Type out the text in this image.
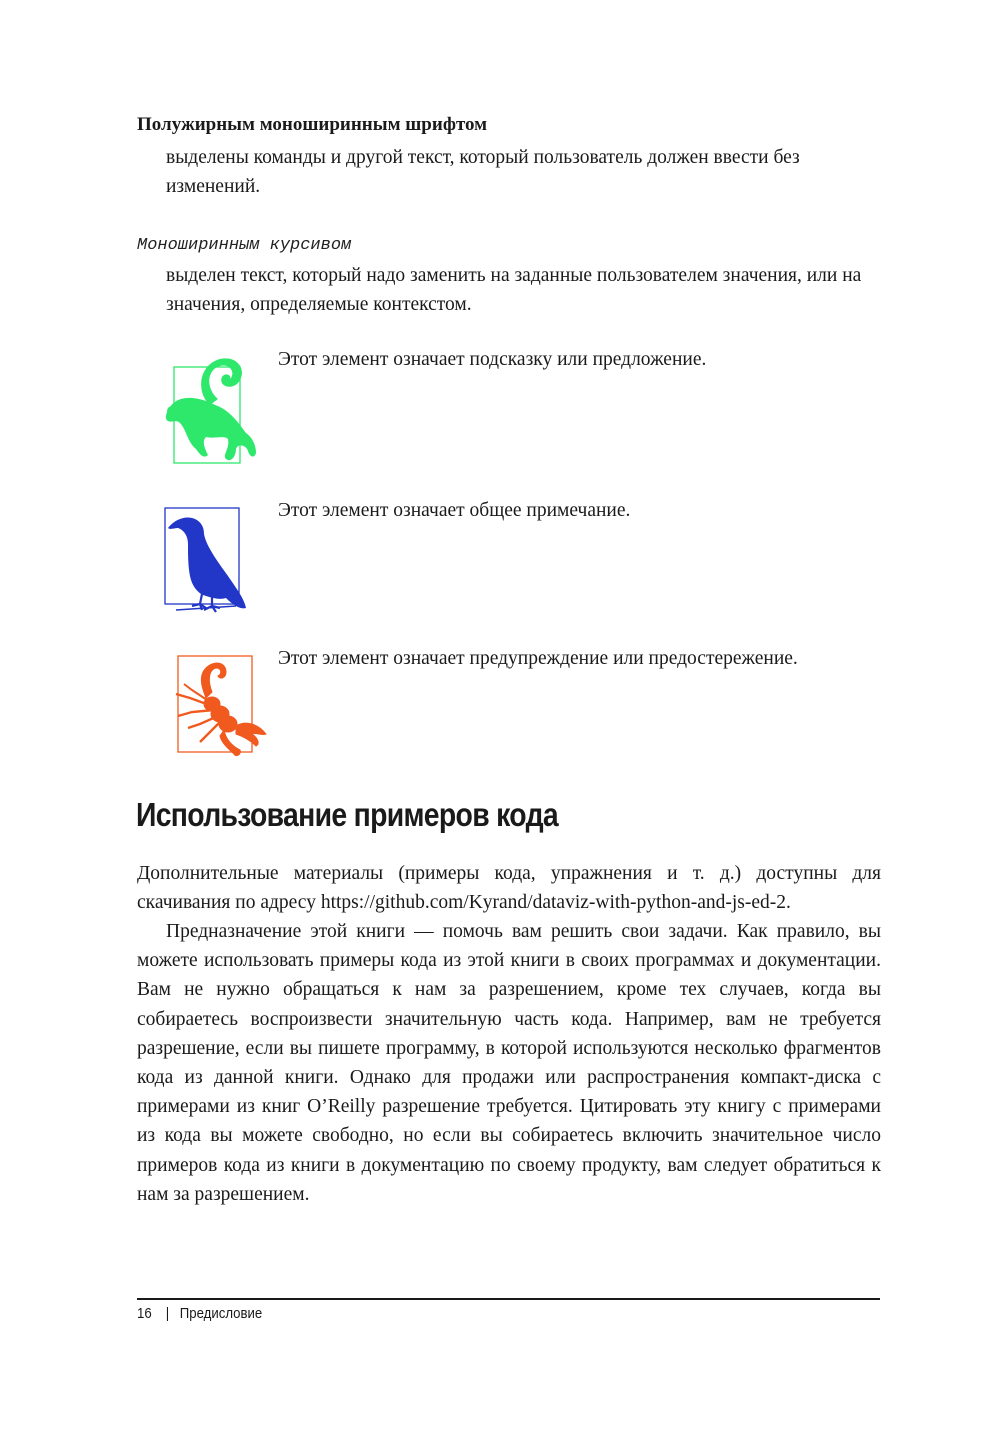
Полужирным моноширинным шрифтом

выделены команды и другой текст, который пользователь должен ввести без изменений.

Моноширинным курсивом

выделен текст, который надо заменить на заданные пользователем значения, или на значения, определяемые контекстом.

Этот элемент означает подсказку или предложение.

Этот элемент означает общее примечание.

Этот элемент означает предупреждение или предостережение.

Использование примеров кода

Дополнительные материалы (примеры кода, упражнения и т. д.) доступны для скачивания по адресу https://github.com/Kyrand/dataviz-with-python-and-js-ed-2.

Предназначение этой книги — помочь вам решить свои задачи. Как правило, вы можете использовать примеры кода из этой книги в своих программах и документации. Вам не нужно обращаться к нам за разрешением, кроме тех случаев, когда вы собираетесь воспроизвести значительную часть кода. Например, вам не требуется разрешение, если вы пишете программу, в которой используются несколько фрагментов кода из данной книги. Однако для продажи или распространения компакт-диска с примерами из книг O’Reilly разрешение требуется. Цитировать эту книгу с примерами из кода вы можете свободно, но если вы собираетесь включить значительное число примеров кода из книги в документацию по своему продукту, вам следует обратиться к нам за разрешением.

16 | Предисловие
